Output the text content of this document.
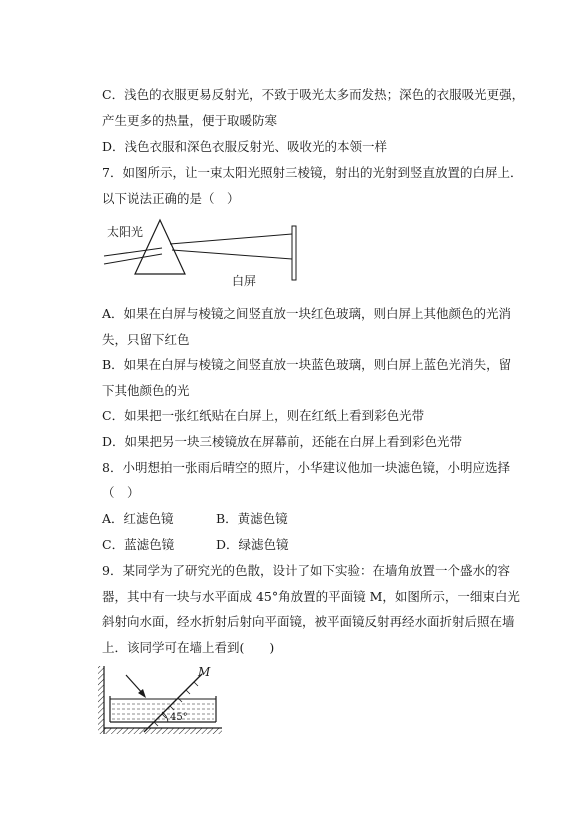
C．浅色的衣服更易反射光，不致于吸光太多而发热；深色的衣服吸光更强，
产生更多的热量，便于取暖防寒
D．浅色衣服和深色衣服反射光、吸收光的本领一样
7．如图所示，让一束太阳光照射三棱镜，射出的光射到竖直放置的白屏上．
以下说法正确的是（　）
太阳光
白屏
A．如果在白屏与棱镜之间竖直放一块红色玻璃，则白屏上其他颜色的光消
失，只留下红色
B．如果在白屏与棱镜之间竖直放一块蓝色玻璃，则白屏上蓝色光消失，留
下其他颜色的光
C．如果把一张红纸贴在白屏上，则在红纸上看到彩色光带
D．如果把另一块三棱镜放在屏幕前，还能在白屏上看到彩色光带
8．小明想拍一张雨后晴空的照片，小华建议他加一块滤色镜，小明应选择
（　）
A．红滤色镜	B．黄滤色镜
C．蓝滤色镜	D．绿滤色镜
9．某同学为了研究光的色散，设计了如下实验：在墙角放置一个盛水的容
器，其中有一块与水平面成 45°角放置的平面镜 M，如图所示，一细束白光
斜射向水面，经水折射后射向平面镜，被平面镜反射再经水面折射后照在墙
上．该同学可在墙上看到(　　)
M
45°
